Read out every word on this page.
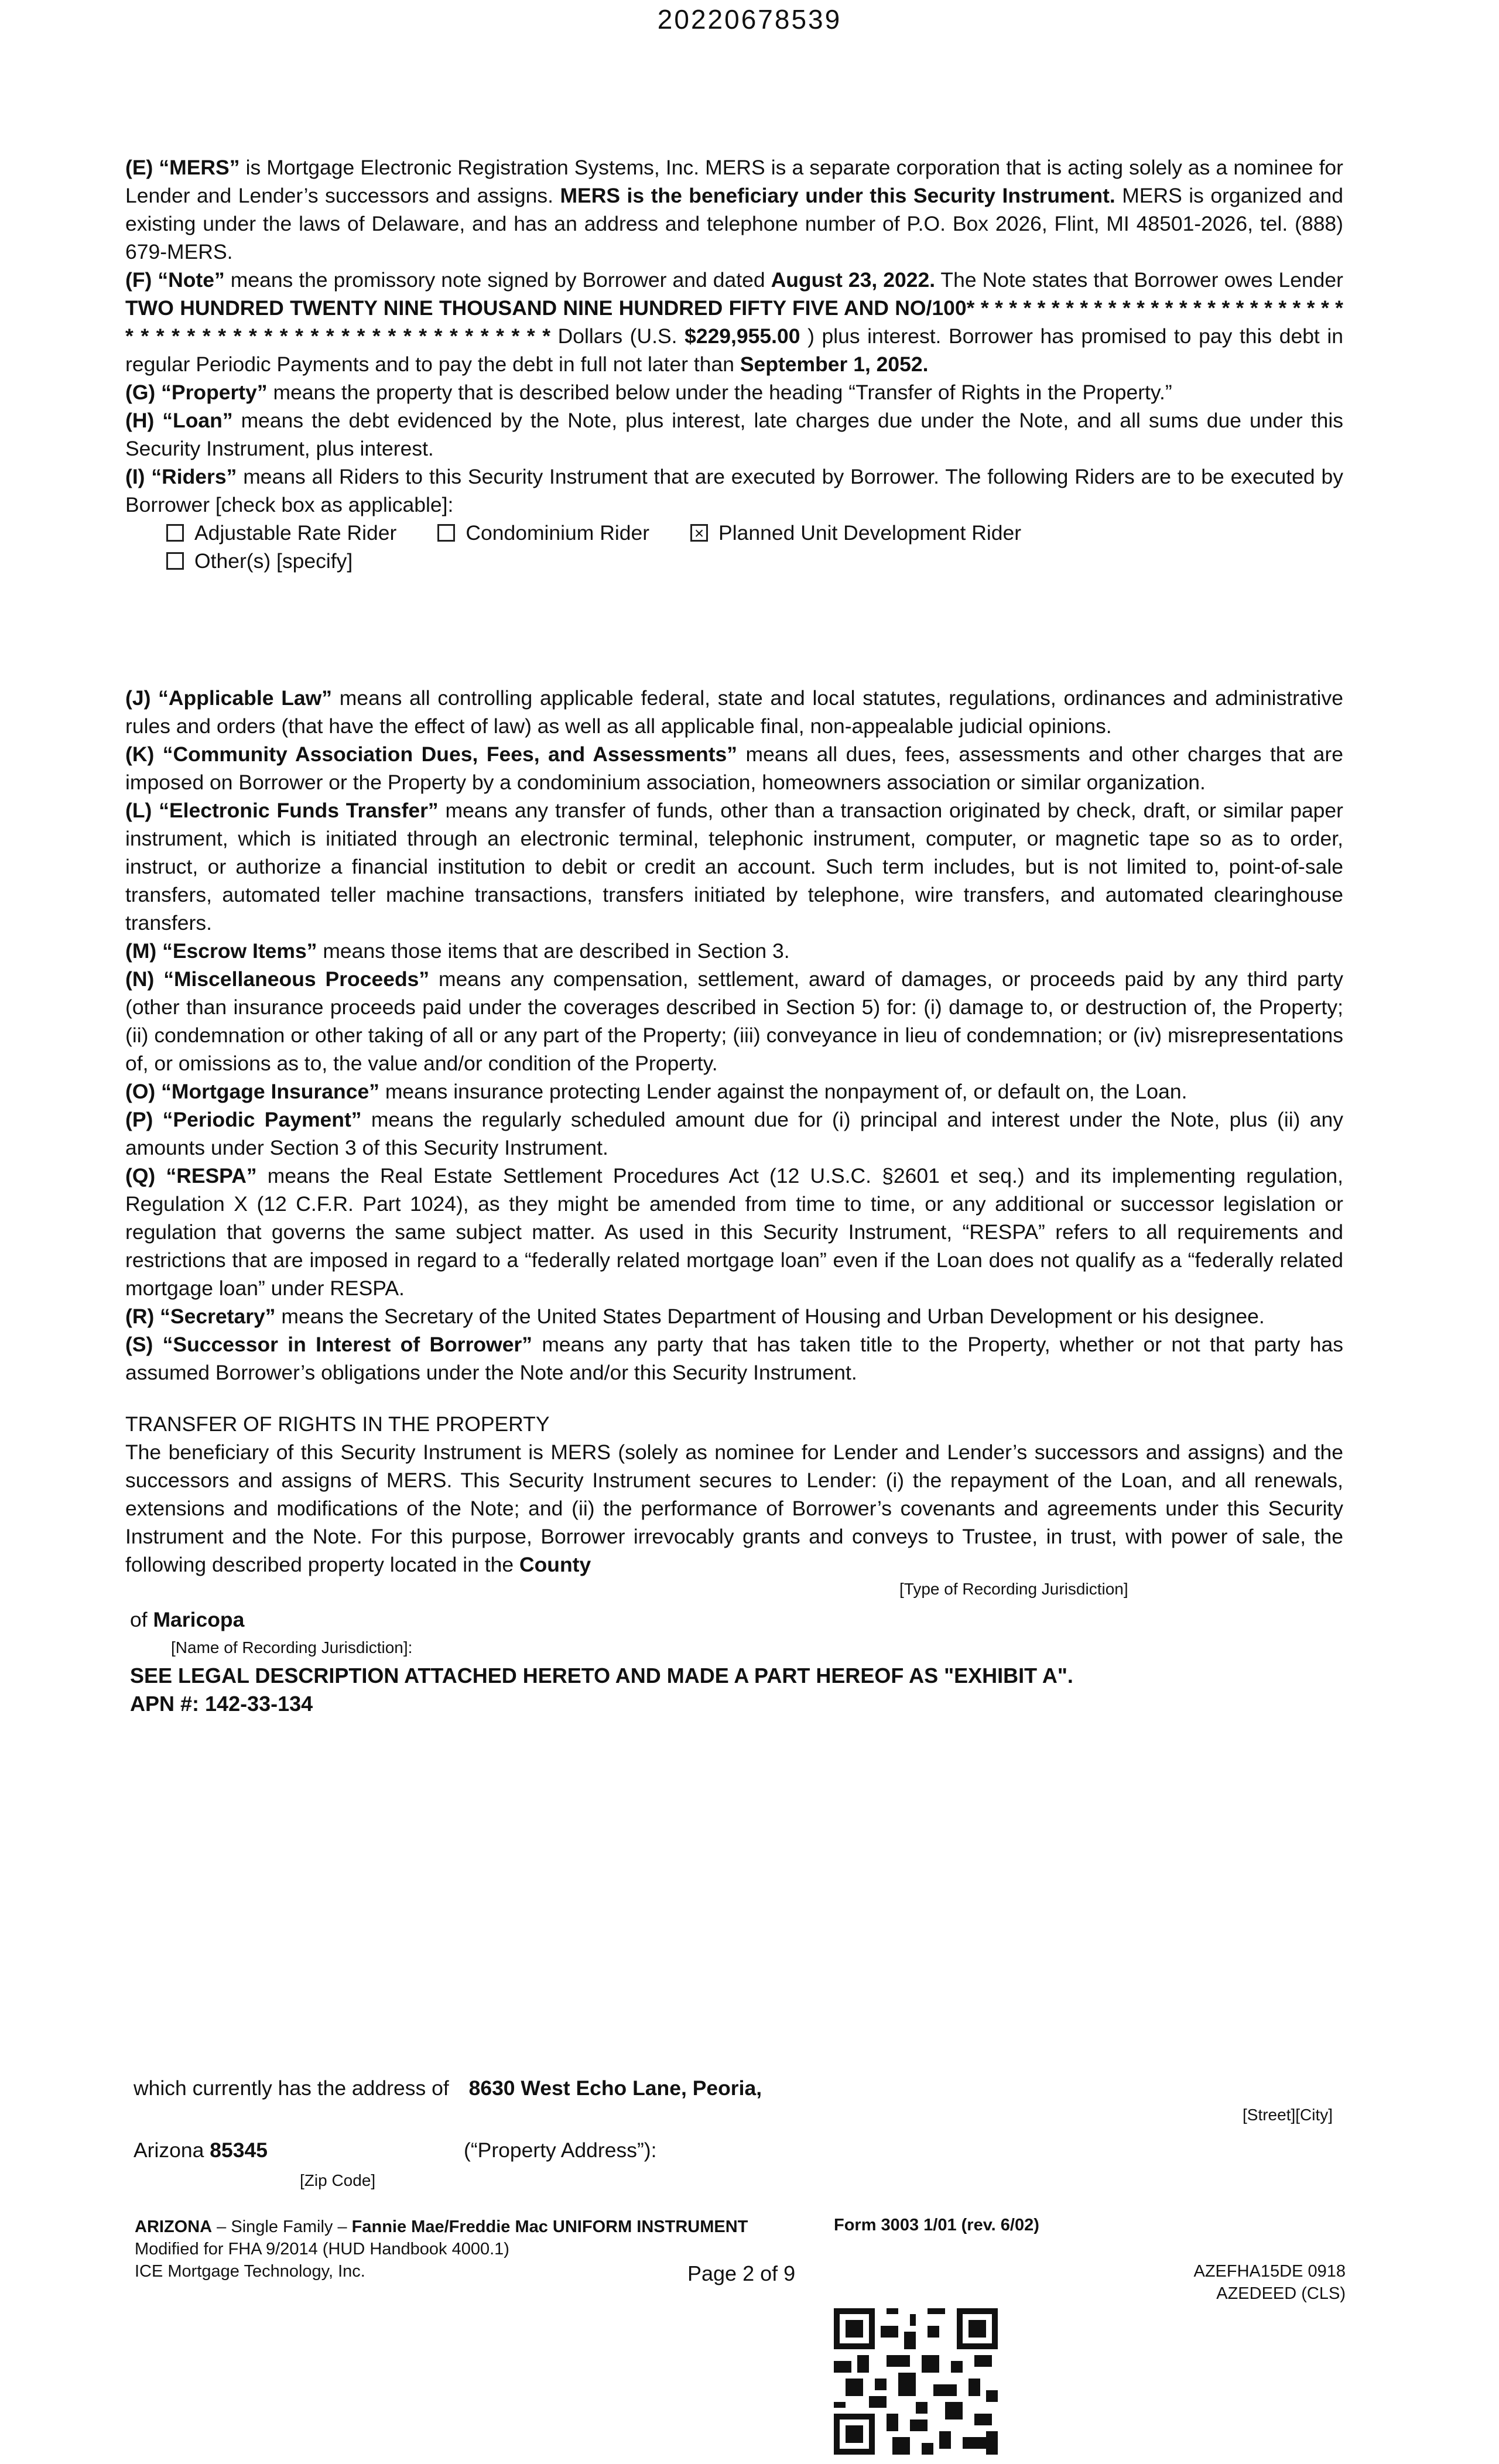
20220678539

(E) “MERS” is Mortgage Electronic Registration Systems, Inc. MERS is a separate corporation that is acting solely as a nominee for Lender and Lender’s successors and assigns. MERS is the beneficiary under this Security Instrument. MERS is organized and existing under the laws of Delaware, and has an address and telephone number of P.O. Box 2026, Flint, MI 48501-2026, tel. (888) 679-MERS.

(F) “Note” means the promissory note signed by Borrower and dated August 23, 2022. The Note states that Borrower owes Lender TWO HUNDRED TWENTY NINE THOUSAND NINE HUNDRED FIFTY FIVE AND NO/100* * * * * * * * * * * * * * * * * * * * * * * * * * * * * * * * * * * * * * * * * * * * * * * * * * * * * * * Dollars (U.S. $229,955.00 ) plus interest. Borrower has promised to pay this debt in regular Periodic Payments and to pay the debt in full not later than September 1, 2052.

(G) “Property” means the property that is described below under the heading “Transfer of Rights in the Property.”

(H) “Loan” means the debt evidenced by the Note, plus interest, late charges due under the Note, and all sums due under this Security Instrument, plus interest.

(I) “Riders” means all Riders to this Security Instrument that are executed by Borrower. The following Riders are to be executed by Borrower [check box as applicable]:

Adjustable Rate Rider	Condominium Rider	× Planned Unit Development Rider
Other(s) [specify]

(J) “Applicable Law” means all controlling applicable federal, state and local statutes, regulations, ordinances and administrative rules and orders (that have the effect of law) as well as all applicable final, non-appealable judicial opinions.

(K) “Community Association Dues, Fees, and Assessments” means all dues, fees, assessments and other charges that are imposed on Borrower or the Property by a condominium association, homeowners association or similar organization.

(L) “Electronic Funds Transfer” means any transfer of funds, other than a transaction originated by check, draft, or similar paper instrument, which is initiated through an electronic terminal, telephonic instrument, computer, or magnetic tape so as to order, instruct, or authorize a financial institution to debit or credit an account. Such term includes, but is not limited to, point-of-sale transfers, automated teller machine transactions, transfers initiated by telephone, wire transfers, and automated clearinghouse transfers.

(M) “Escrow Items” means those items that are described in Section 3.

(N) “Miscellaneous Proceeds” means any compensation, settlement, award of damages, or proceeds paid by any third party (other than insurance proceeds paid under the coverages described in Section 5) for: (i) damage to, or destruction of, the Property; (ii) condemnation or other taking of all or any part of the Property; (iii) conveyance in lieu of condemnation; or (iv) misrepresentations of, or omissions as to, the value and/or condition of the Property.

(O) “Mortgage Insurance” means insurance protecting Lender against the nonpayment of, or default on, the Loan.

(P) “Periodic Payment” means the regularly scheduled amount due for (i) principal and interest under the Note, plus (ii) any amounts under Section 3 of this Security Instrument.

(Q) “RESPA” means the Real Estate Settlement Procedures Act (12 U.S.C. §2601 et seq.) and its implementing regulation, Regulation X (12 C.F.R. Part 1024), as they might be amended from time to time, or any additional or successor legislation or regulation that governs the same subject matter. As used in this Security Instrument, “RESPA” refers to all requirements and restrictions that are imposed in regard to a “federally related mortgage loan” even if the Loan does not qualify as a “federally related mortgage loan” under RESPA.

(R) “Secretary” means the Secretary of the United States Department of Housing and Urban Development or his designee.

(S) “Successor in Interest of Borrower” means any party that has taken title to the Property, whether or not that party has assumed Borrower’s obligations under the Note and/or this Security Instrument.

TRANSFER OF RIGHTS IN THE PROPERTY

The beneficiary of this Security Instrument is MERS (solely as nominee for Lender and Lender’s successors and assigns) and the successors and assigns of MERS. This Security Instrument secures to Lender: (i) the repayment of the Loan, and all renewals, extensions and modifications of the Note; and (ii) the performance of Borrower’s covenants and agreements under this Security Instrument and the Note. For this purpose, Borrower irrevocably grants and conveys to Trustee, in trust, with power of sale, the following described property located in the County

[Type of Recording Jurisdiction]
of Maricopa
[Name of Recording Jurisdiction]:
SEE LEGAL DESCRIPTION ATTACHED HERETO AND MADE A PART HEREOF AS "EXHIBIT A".
APN #: 142-33-134
which currently has the address of 8630 West Echo Lane, Peoria,
[Street][City]
Arizona 85345	(“Property Address”):
[Zip Code]
ARIZONA – Single Family – Fannie Mae/Freddie Mac UNIFORM INSTRUMENT
Modified for FHA 9/2014 (HUD Handbook 4000.1)
ICE Mortgage Technology, Inc.
Form 3003 1/01 (rev. 6/02)
Page 2 of 9	AZEFHA15DE 0918
AZEDEED (CLS)
